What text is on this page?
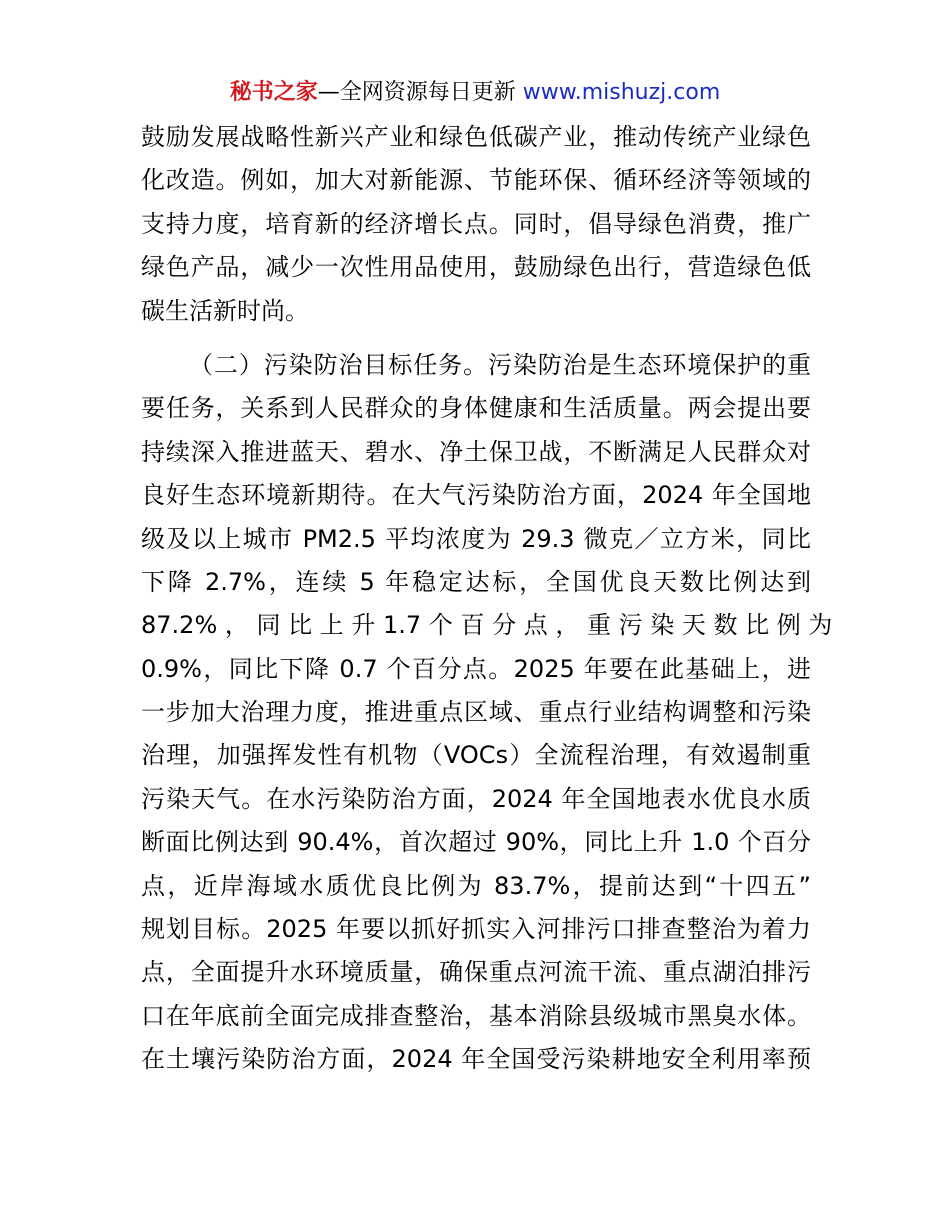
秘书之家—全网资源每日更新 www.mishuzj.com
鼓励发展战略性新兴产业和绿色低碳产业，推动传统产业绿色
化改造。例如，加大对新能源、节能环保、循环经济等领域的
支持力度，培育新的经济增长点。同时，倡导绿色消费，推广
绿色产品，减少一次性用品使用，鼓励绿色出行，营造绿色低
碳生活新时尚。
（二）污染防治目标任务。污染防治是生态环境保护的重
要任务，关系到人民群众的身体健康和生活质量。两会提出要
持续深入推进蓝天、碧水、净土保卫战，不断满足人民群众对
良好生态环境新期待。在大气污染防治方面，2024 年全国地
级及以上城市 PM2.5 平均浓度为 29.3 微克／立方米，同比
下降 2.7%，连续 5 年稳定达标，全国优良天数比例达到
87.2% ， 同 比 上 升 1.7 个 百 分 点 ， 重 污 染 天 数 比 例 为
0.9%，同比下降 0.7 个百分点。2025 年要在此基础上，进
一步加大治理力度，推进重点区域、重点行业结构调整和污染
治理，加强挥发性有机物（VOCs）全流程治理，有效遏制重
污染天气。在水污染防治方面，2024 年全国地表水优良水质
断面比例达到 90.4%，首次超过 90%，同比上升 1.0 个百分
点，近岸海域水质优良比例为 83.7%，提前达到“十四五”
规划目标。2025 年要以抓好抓实入河排污口排查整治为着力
点，全面提升水环境质量，确保重点河流干流、重点湖泊排污
口在年底前全面完成排查整治，基本消除县级城市黑臭水体。
在土壤污染防治方面，2024 年全国受污染耕地安全利用率预
